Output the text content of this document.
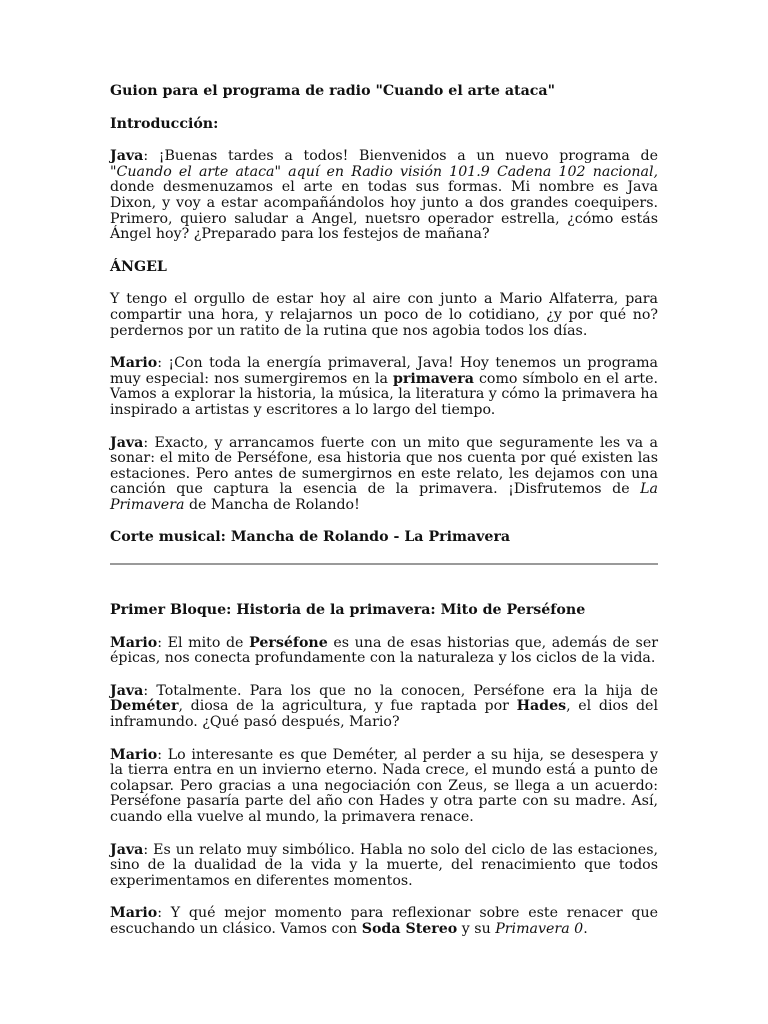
Guion para el programa de radio "Cuando el arte ataca"

Introducción:

Java: ¡Buenas tardes a todos! Bienvenidos a un nuevo programa de "Cuando el arte ataca" aquí en Radio visión 101.9 Cadena 102 nacional, donde desmenuzamos el arte en todas sus formas. Mi nombre es Java Dixon, y voy a estar acompañándolos hoy junto a dos grandes coequipers. Primero, quiero saludar a Angel, nuetsro operador estrella, ¿cómo estás Ángel hoy? ¿Preparado para los festejos de mañana?

ÁNGEL

Y tengo el orgullo de estar hoy al aire con junto a Mario Alfaterra, para compartir una hora, y relajarnos un poco de lo cotidiano, ¿y por qué no? perdernos por un ratito de la rutina que nos agobia todos los días.

Mario: ¡Con toda la energía primaveral, Java! Hoy tenemos un programa muy especial: nos sumergiremos en la primavera como símbolo en el arte. Vamos a explorar la historia, la música, la literatura y cómo la primavera ha inspirado a artistas y escritores a lo largo del tiempo.

Java: Exacto, y arrancamos fuerte con un mito que seguramente les va a sonar: el mito de Perséfone, esa historia que nos cuenta por qué existen las estaciones. Pero antes de sumergirnos en este relato, les dejamos con una canción que captura la esencia de la primavera. ¡Disfrutemos de La Primavera de Mancha de Rolando!

Corte musical: Mancha de Rolando - La Primavera

Primer Bloque: Historia de la primavera: Mito de Perséfone

Mario: El mito de Perséfone es una de esas historias que, además de ser épicas, nos conecta profundamente con la naturaleza y los ciclos de la vida.

Java: Totalmente. Para los que no la conocen, Perséfone era la hija de Deméter, diosa de la agricultura, y fue raptada por Hades, el dios del inframundo. ¿Qué pasó después, Mario?

Mario: Lo interesante es que Deméter, al perder a su hija, se desespera y la tierra entra en un invierno eterno. Nada crece, el mundo está a punto de colapsar. Pero gracias a una negociación con Zeus, se llega a un acuerdo: Perséfone pasaría parte del año con Hades y otra parte con su madre. Así, cuando ella vuelve al mundo, la primavera renace.

Java: Es un relato muy simbólico. Habla no solo del ciclo de las estaciones, sino de la dualidad de la vida y la muerte, del renacimiento que todos experimentamos en diferentes momentos.

Mario: Y qué mejor momento para reflexionar sobre este renacer que escuchando un clásico. Vamos con Soda Stereo y su Primavera 0.
